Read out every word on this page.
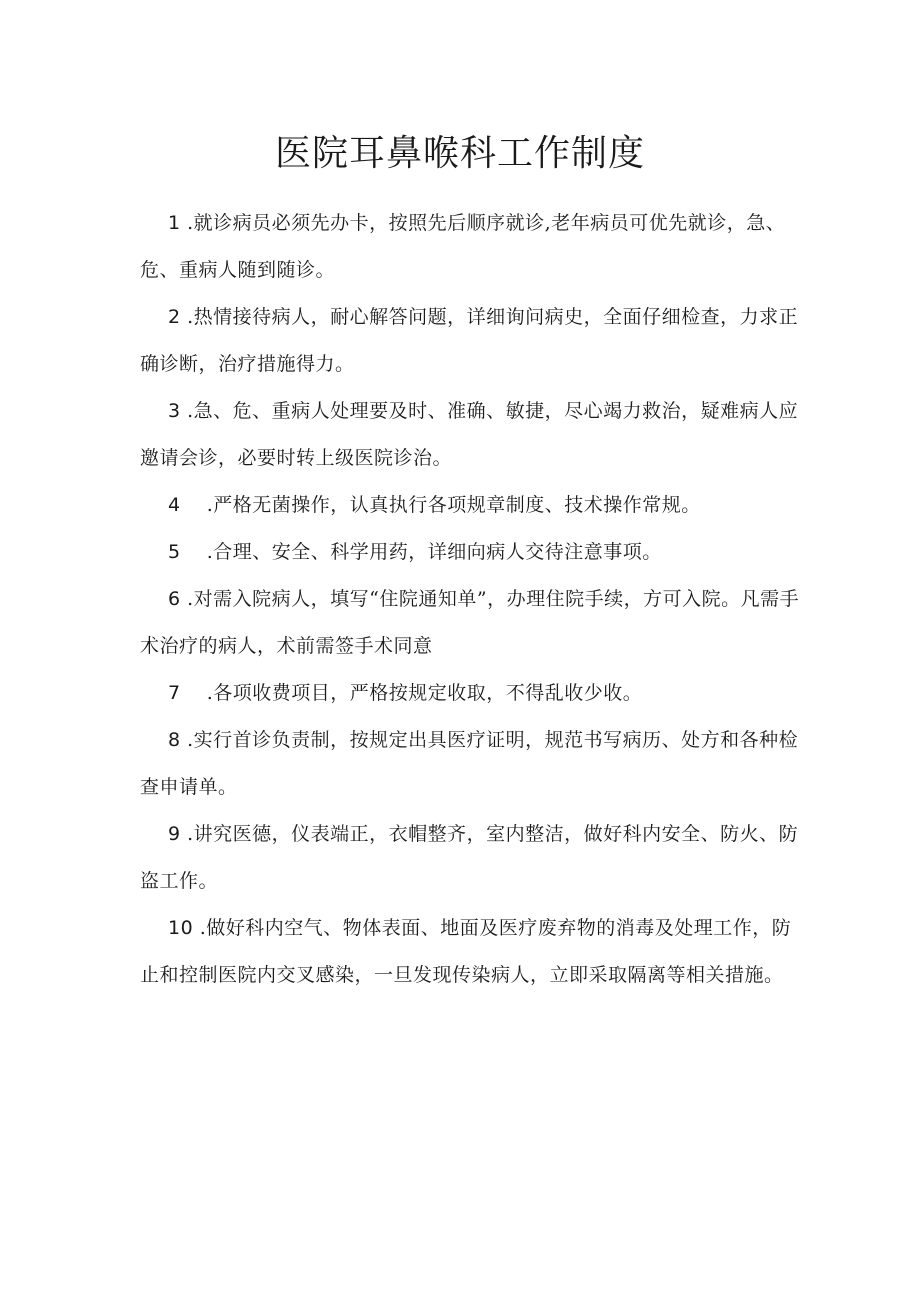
医院耳鼻喉科工作制度

1 .就诊病员必须先办卡，按照先后顺序就诊,老年病员可优先就诊，急、危、重病人随到随诊。

2 .热情接待病人，耐心解答问题，详细询问病史，全面仔细检查，力求正确诊断，治疗措施得力。

3 .急、危、重病人处理要及时、准确、敏捷，尽心竭力救治，疑难病人应邀请会诊，必要时转上级医院诊治。

4    .严格无菌操作，认真执行各项规章制度、技术操作常规。

5    .合理、安全、科学用药，详细向病人交待注意事项。

6 .对需入院病人，填写“住院通知单”，办理住院手续，方可入院。凡需手术治疗的病人，术前需签手术同意

7    .各项收费项目，严格按规定收取，不得乱收少收。

8 .实行首诊负责制，按规定出具医疗证明，规范书写病历、处方和各种检查申请单。

9 .讲究医德，仪表端正，衣帽整齐，室内整洁，做好科内安全、防火、防盗工作。

10 .做好科内空气、物体表面、地面及医疗废弃物的消毒及处理工作，防止和控制医院内交叉感染，一旦发现传染病人，立即采取隔离等相关措施。
